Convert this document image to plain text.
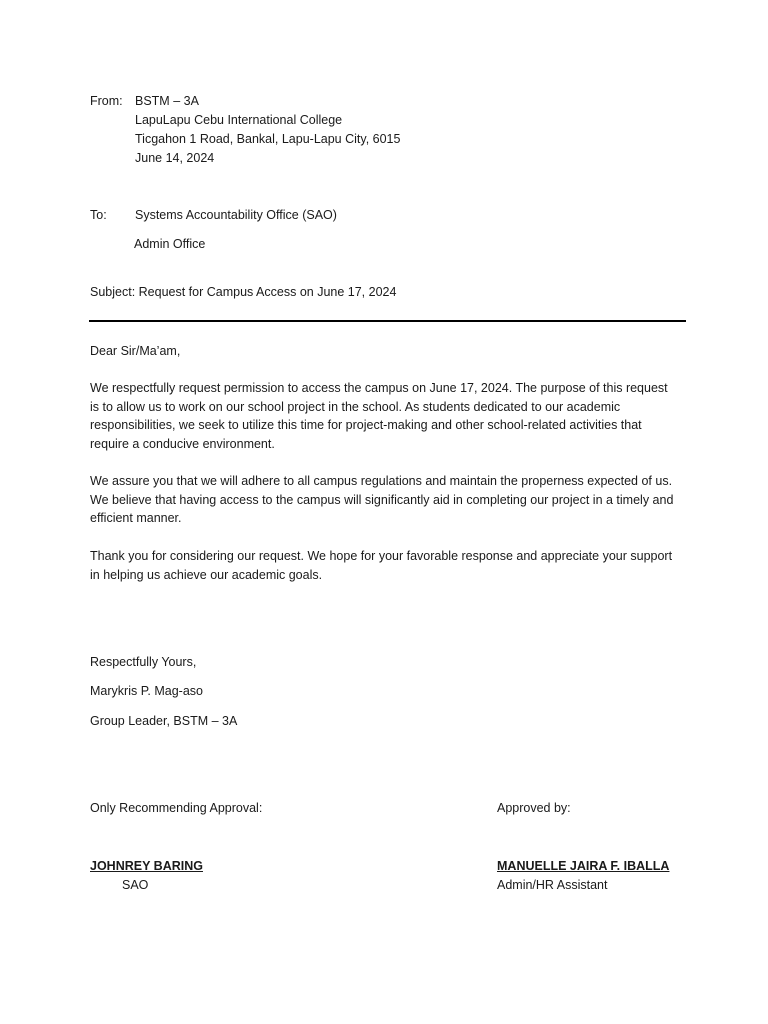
From: BSTM – 3A
LapuLapu Cebu International College
Ticgahon 1 Road, Bankal, Lapu-Lapu City, 6015
June 14, 2024
To: Systems Accountability Office (SAO)
Admin Office
Subject: Request for Campus Access on June 17, 2024
Dear Sir/Ma’am,

We respectfully request permission to access the campus on June 17, 2024. The purpose of this request is to allow us to work on our school project in the school. As students dedicated to our academic responsibilities, we seek to utilize this time for project-making and other school-related activities that require a conducive environment.

We assure you that we will adhere to all campus regulations and maintain the properness expected of us. We believe that having access to the campus will significantly aid in completing our project in a timely and efficient manner.

Thank you for considering our request. We hope for your favorable response and appreciate your support in helping us achieve our academic goals.

Respectfully Yours,
Marykris P. Mag-aso
Group Leader, BSTM – 3A
Only Recommending Approval:
JOHNREY BARING
SAO
Approved by:
MANUELLE JAIRA F. IBALLA
Admin/HR Assistant
